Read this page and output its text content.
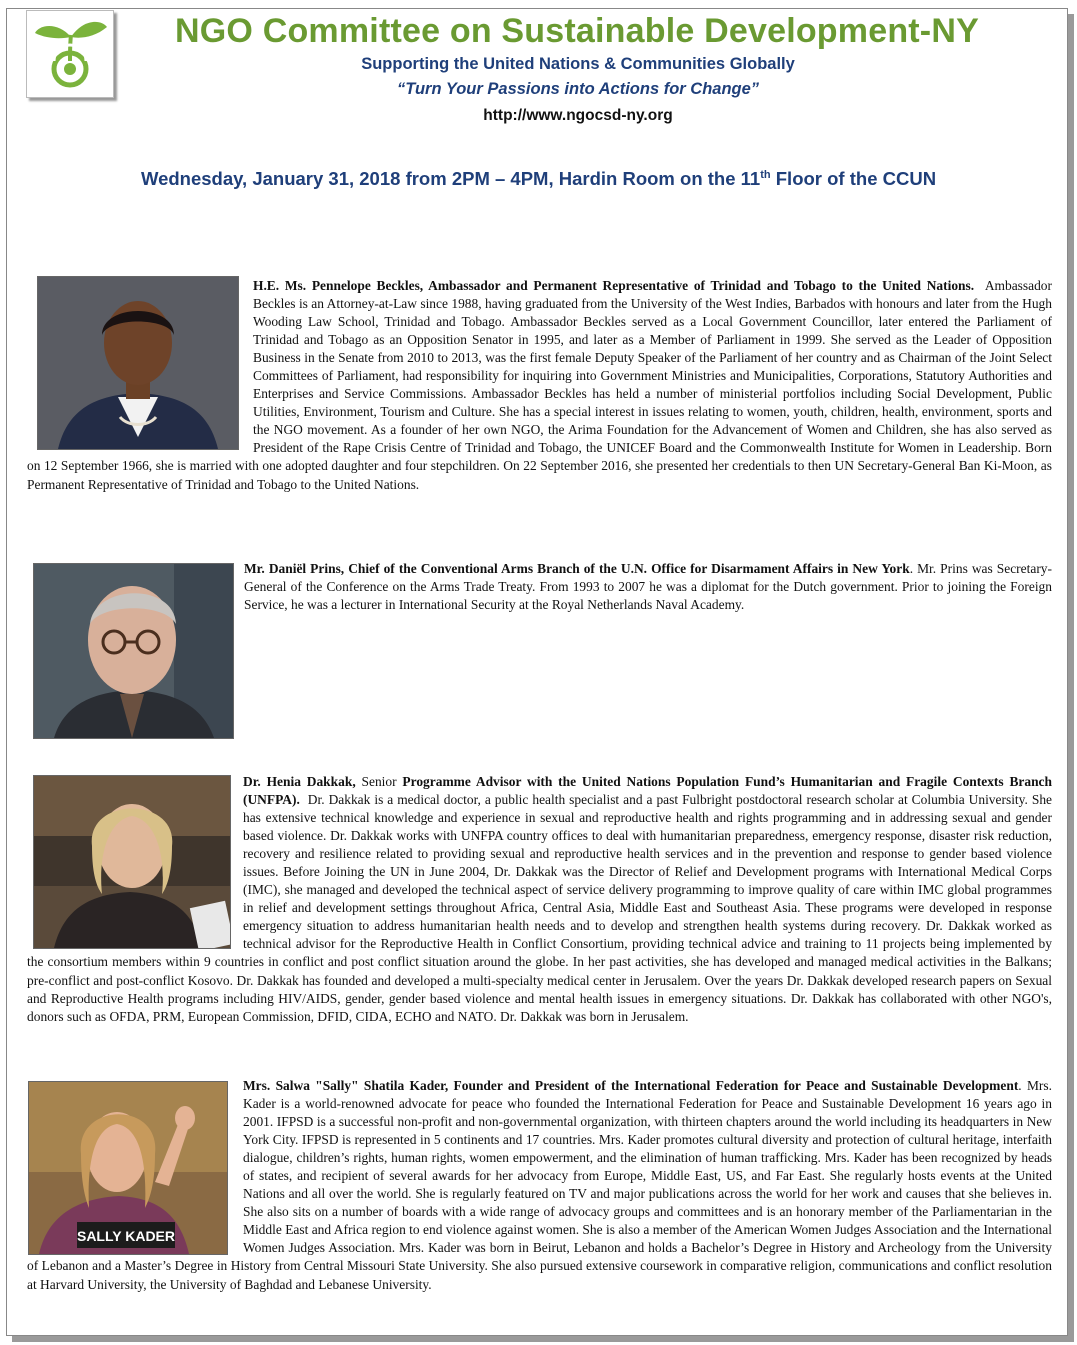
NGO Committee on Sustainable Development-NY
Supporting the United Nations & Communities Globally
“Turn Your Passions into Actions for Change”
http://www.ngocsd-ny.org
Wednesday, January 31, 2018 from 2PM – 4PM, Hardin Room on the 11th Floor of the CCUN

H.E. Ms. Pennelope Beckles, Ambassador and Permanent Representative of Trinidad and Tobago to the United Nations. Ambassador Beckles is an Attorney-at-Law since 1988, having graduated from the University of the West Indies, Barbados with honours and later from the Hugh Wooding Law School, Trinidad and Tobago. Ambassador Beckles served as a Local Government Councillor, later entered the Parliament of Trinidad and Tobago as an Opposition Senator in 1995, and later as a Member of Parliament in 1999. She served as the Leader of Opposition Business in the Senate from 2010 to 2013, was the first female Deputy Speaker of the Parliament of her country and as Chairman of the Joint Select Committees of Parliament, had responsibility for inquiring into Government Ministries and Municipalities, Corporations, Statutory Authorities and Enterprises and Service Commissions. Ambassador Beckles has held a number of ministerial portfolios including Social Development, Public Utilities, Environment, Tourism and Culture. She has a special interest in issues relating to women, youth, children, health, environment, sports and the NGO movement. As a founder of her own NGO, the Arima Foundation for the Advancement of Women and Children, she has also served as President of the Rape Crisis Centre of Trinidad and Tobago, the UNICEF Board and the Commonwealth Institute for Women in Leadership. Born on 12 September 1966, she is married with one adopted daughter and four stepchildren. On 22 September 2016, she presented her credentials to then UN Secretary-General Ban Ki-Moon, as Permanent Representative of Trinidad and Tobago to the United Nations.

Mr. Daniël Prins, Chief of the Conventional Arms Branch of the U.N. Office for Disarmament Affairs in New York. Mr. Prins was Secretary-General of the Conference on the Arms Trade Treaty. From 1993 to 2007 he was a diplomat for the Dutch government. Prior to joining the Foreign Service, he was a lecturer in International Security at the Royal Netherlands Naval Academy.

Dr. Henia Dakkak, Senior Programme Advisor with the United Nations Population Fund’s Humanitarian and Fragile Contexts Branch (UNFPA). Dr. Dakkak is a medical doctor, a public health specialist and a past Fulbright postdoctoral research scholar at Columbia University. She has extensive technical knowledge and experience in sexual and reproductive health and rights programming and in addressing sexual and gender based violence. Dr. Dakkak works with UNFPA country offices to deal with humanitarian preparedness, emergency response, disaster risk reduction, recovery and resilience related to providing sexual and reproductive health services and in the prevention and response to gender based violence issues. Before Joining the UN in June 2004, Dr. Dakkak was the Director of Relief and Development programs with International Medical Corps (IMC), she managed and developed the technical aspect of service delivery programming to improve quality of care within IMC global programmes in relief and development settings throughout Africa, Central Asia, Middle East and Southeast Asia. These programs were developed in response emergency situation to address humanitarian health needs and to develop and strengthen health systems during recovery. Dr. Dakkak worked as technical advisor for the Reproductive Health in Conflict Consortium, providing technical advice and training to 11 projects being implemented by the consortium members within 9 countries in conflict and post conflict situation around the globe. In her past activities, she has developed and managed medical activities in the Balkans; pre-conflict and post-conflict Kosovo. Dr. Dakkak has founded and developed a multi-specialty medical center in Jerusalem. Over the years Dr. Dakkak developed research papers on Sexual and Reproductive Health programs including HIV/AIDS, gender, gender based violence and mental health issues in emergency situations. Dr. Dakkak has collaborated with other NGO's, donors such as OFDA, PRM, European Commission, DFID, CIDA, ECHO and NATO. Dr. Dakkak was born in Jerusalem.

SALLY KADER

Mrs. Salwa "Sally" Shatila Kader, Founder and President of the International Federation for Peace and Sustainable Development. Mrs. Kader is a world-renowned advocate for peace who founded the International Federation for Peace and Sustainable Development 16 years ago in 2001. IFPSD is a successful non-profit and non-governmental organization, with thirteen chapters around the world including its headquarters in New York City. IFPSD is represented in 5 continents and 17 countries. Mrs. Kader promotes cultural diversity and protection of cultural heritage, interfaith dialogue, children’s rights, human rights, women empowerment, and the elimination of human trafficking. Mrs. Kader has been recognized by heads of states, and recipient of several awards for her advocacy from Europe, Middle East, US, and Far East. She regularly hosts events at the United Nations and all over the world. She is regularly featured on TV and major publications across the world for her work and causes that she believes in. She also sits on a number of boards with a wide range of advocacy groups and committees and is an honorary member of the Parliamentarian in the Middle East and Africa region to end violence against women. She is also a member of the American Women Judges Association and the International Women Judges Association. Mrs. Kader was born in Beirut, Lebanon and holds a Bachelor’s Degree in History and Archeology from the University of Lebanon and a Master’s Degree in History from Central Missouri State University. She also pursued extensive coursework in comparative religion, communications and conflict resolution at Harvard University, the University of Baghdad and Lebanese University.
